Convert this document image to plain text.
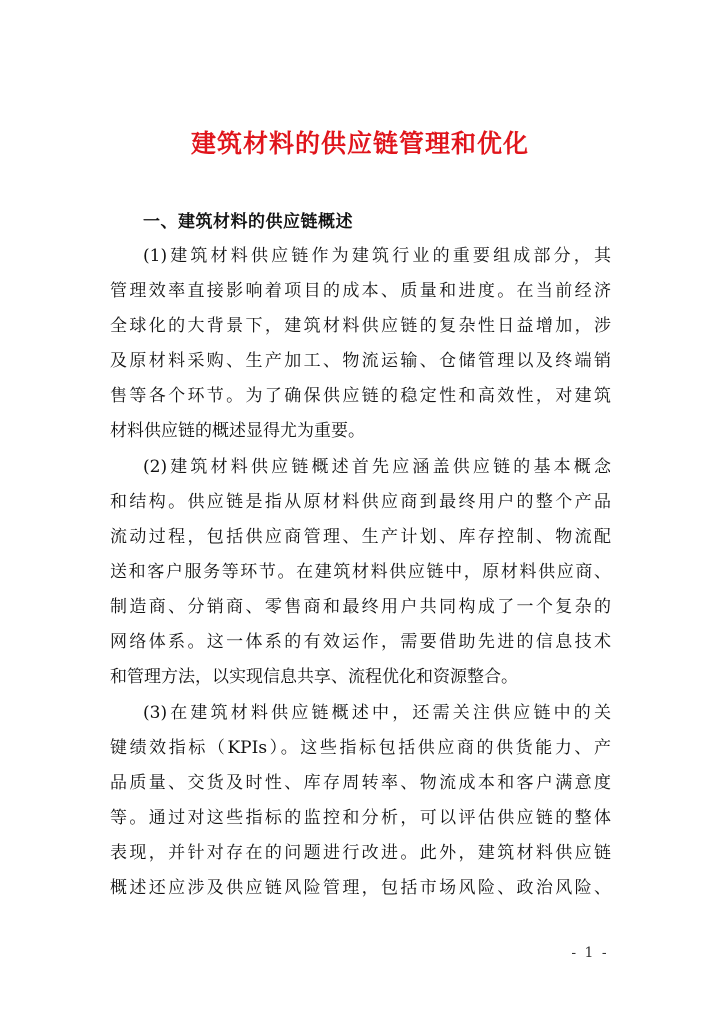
建筑材料的供应链管理和优化
一、建筑材料的供应链概述
(1)建筑材料供应链作为建筑行业的重要组成部分，其
管理效率直接影响着项目的成本、质量和进度。在当前经济
全球化的大背景下，建筑材料供应链的复杂性日益增加，涉
及原材料采购、生产加工、物流运输、仓储管理以及终端销
售等各个环节。为了确保供应链的稳定性和高效性，对建筑
材料供应链的概述显得尤为重要。
(2)建筑材料供应链概述首先应涵盖供应链的基本概念
和结构。供应链是指从原材料供应商到最终用户的整个产品
流动过程，包括供应商管理、生产计划、库存控制、物流配
送和客户服务等环节。在建筑材料供应链中，原材料供应商、
制造商、分销商、零售商和最终用户共同构成了一个复杂的
网络体系。这一体系的有效运作，需要借助先进的信息技术
和管理方法，以实现信息共享、流程优化和资源整合。
(3)在建筑材料供应链概述中，还需关注供应链中的关
键绩效指标（KPIs）。这些指标包括供应商的供货能力、产
品质量、交货及时性、库存周转率、物流成本和客户满意度
等。通过对这些指标的监控和分析，可以评估供应链的整体
表现，并针对存在的问题进行改进。此外，建筑材料供应链
概述还应涉及供应链风险管理，包括市场风险、政治风险、
- 1 -
